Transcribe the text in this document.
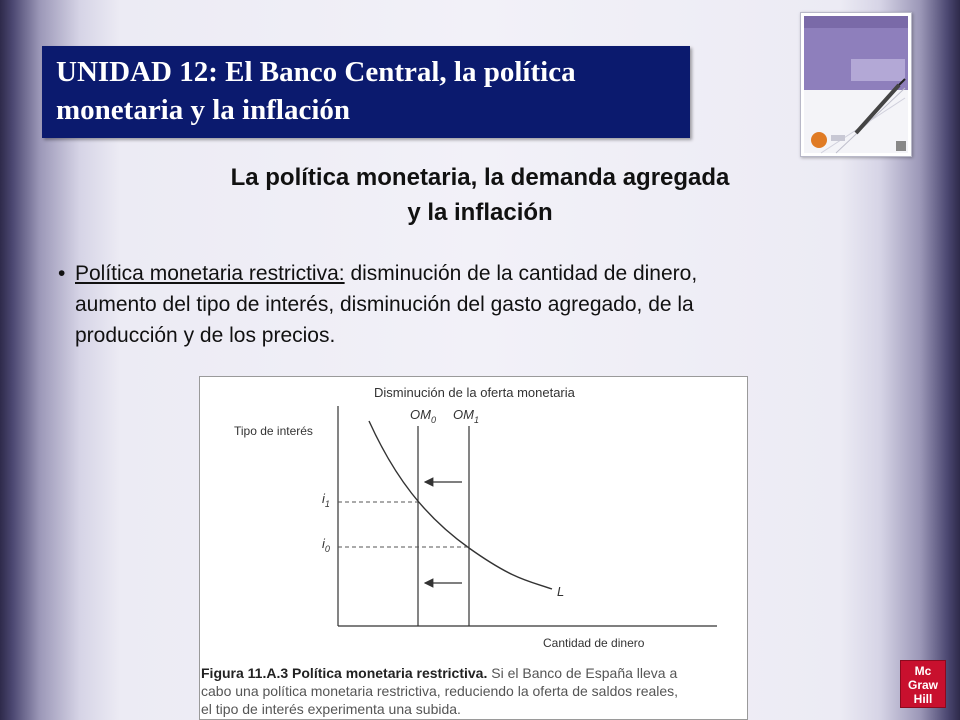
UNIDAD 12: El Banco Central, la política
monetaria y la inflación
La política monetaria, la demanda agregada
y la inflación
• Política monetaria restrictiva: disminución de la cantidad de dinero,
aumento del tipo de interés, disminución del gasto agregado, de la
producción y de los precios.
Disminución de la oferta monetaria
Tipo de interés
Cantidad de dinero
$OM_0$ $OM_1$
L
$i_1$
$i_0$
Figura 11.A.3 Política monetaria restrictiva. Si el Banco de España lleva a
cabo una política monetaria restrictiva, reduciendo la oferta de saldos reales,
el tipo de interés experimenta una subida.
Mc
Graw
Hill
